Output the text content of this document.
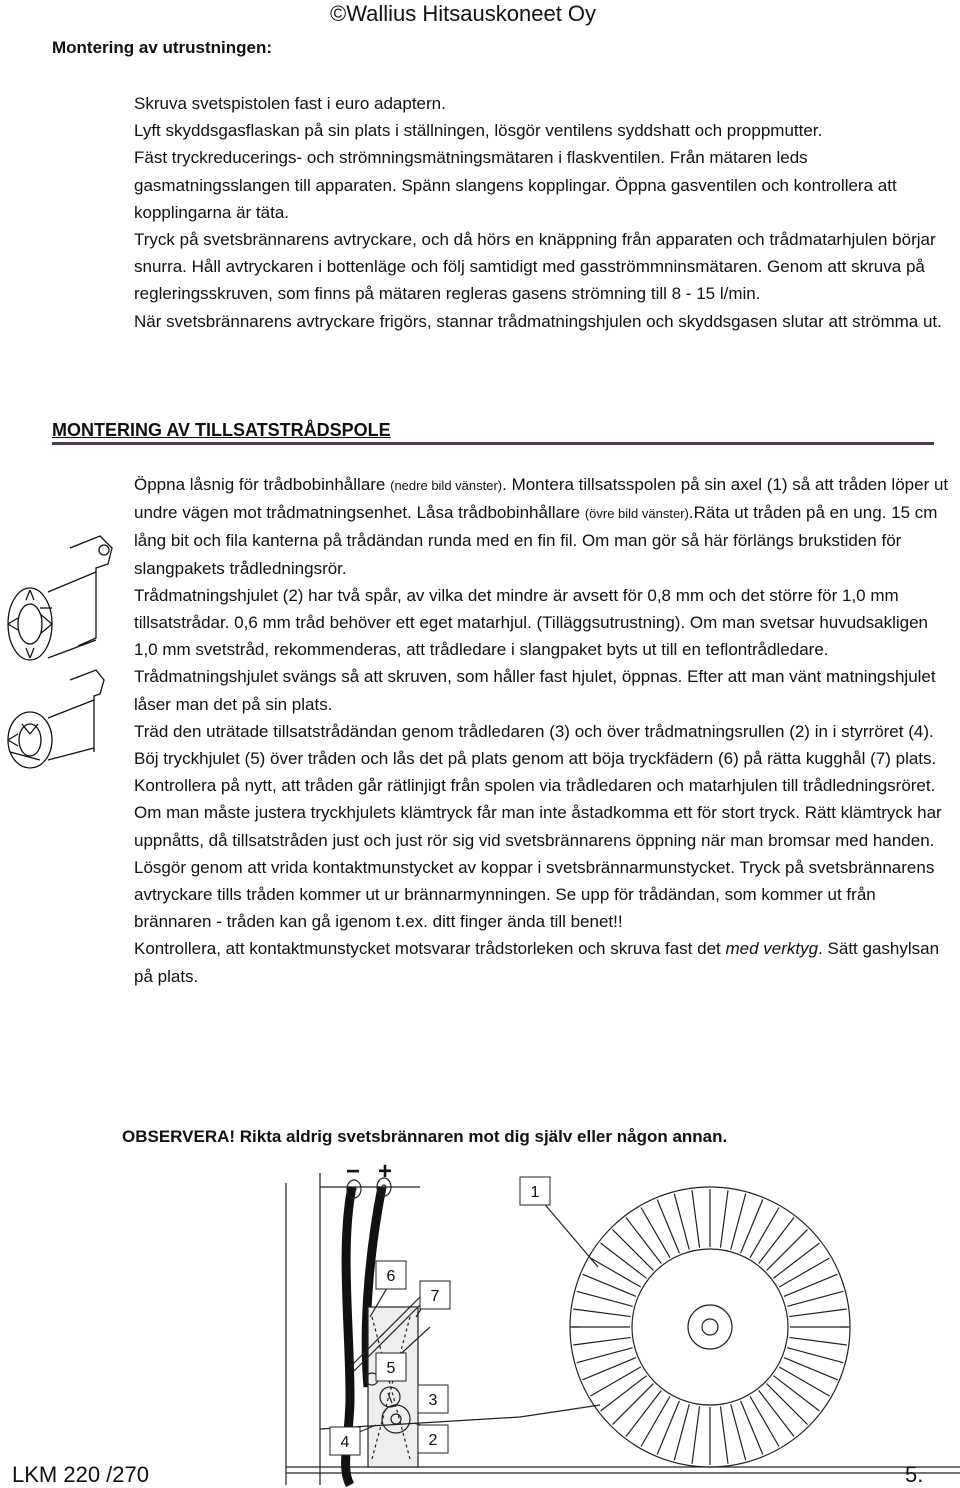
Montering av utrustningen:
©Wallius Hitsauskoneet Oy

Skruva svetspistolen fast i euro adaptern.

Lyft skyddsgasflaskan på sin plats i ställningen, lösgör ventilens syddshatt och proppmutter.

Fäst tryckreducerings- och strömningsmätningsmätaren i flaskventilen. Från mätaren leds gasmatningsslangen till apparaten. Spänn slangens kopplingar. Öppna gasventilen och kontrollera att kopplingarna är täta.

Tryck på svetsbrännarens avtryckare, och då hörs en knäppning från apparaten och trådmatarhjulen börjar snurra. Håll avtryckaren i bottenläge och följ samtidigt med gasströmmninsmätaren. Genom att skruva på regleringsskruven, som finns på mätaren regleras gasens strömning till 8 - 15 l/min.

När svetsbrännarens avtryckare frigörs, stannar trådmatningshjulen och skyddsgasen slutar att strömma ut.

MONTERING AV TILLSATSTRÅDSPOLE

Öppna låsnig för trådbobinhållare (nedre bild vänster). Montera tillsatsspolen på sin axel (1) så att tråden löper ut undre vägen mot trådmatningsenhet. Låsa trådbobinhållare (övre bild vänster).Räta ut tråden på en ung. 15 cm lång bit och fila kanterna på trådändan runda med en fin fil. Om man gör så här förlängs brukstiden för slangpakets trådledningsrör.

Trådmatningshjulet (2) har två spår, av vilka det mindre är avsett för 0,8 mm och det större för 1,0 mm tillsatstrådar. 0,6 mm tråd behöver ett eget matarhjul. (Tilläggsutrustning). Om man svetsar huvudsakligen 1,0 mm svetstråd, rekommenderas, att trådledare i slangpaket byts ut till en teflontrådledare.

Trådmatningshjulet svängs så att skruven, som håller fast hjulet, öppnas. Efter att man vänt matningshjulet låser man det på sin plats.

Träd den uträtade tillsatstrådändan genom trådledaren (3) och över trådmatningsrullen (2) in i styrröret (4). Böj tryckhjulet (5) över tråden och lås det på plats genom att böja tryckfädern (6) på rätta kugghål (7) plats.

Kontrollera på nytt, att tråden går rätlinjigt från spolen via trådledaren och matarhjulen till trådledningsröret.

Om man måste justera tryckhjulets klämtryck får man inte åstadkomma ett för stort tryck. Rätt klämtryck har uppnåtts, då tillsatstråden just och just rör sig vid svetsbrännarens öppning när man bromsar med handen.

Lösgör genom att vrida kontaktmunstycket av koppar i svetsbrännarmunstycket. Tryck på svetsbrännarens avtryckare tills tråden kommer ut ur brännarmynningen. Se upp för trådändan, som kommer ut från brännaren - tråden kan gå igenom t.ex. ditt finger ända till benet!!

Kontrollera, att kontaktmunstycket motsvarar trådstorleken och skruva fast det med verktyg. Sätt gashylsan på plats.

OBSERVERA! Rikta aldrig svetsbrännaren mot dig själv eller någon annan.
6
7
1
5
3
2
4
− +
LKM 220 /270	5.
